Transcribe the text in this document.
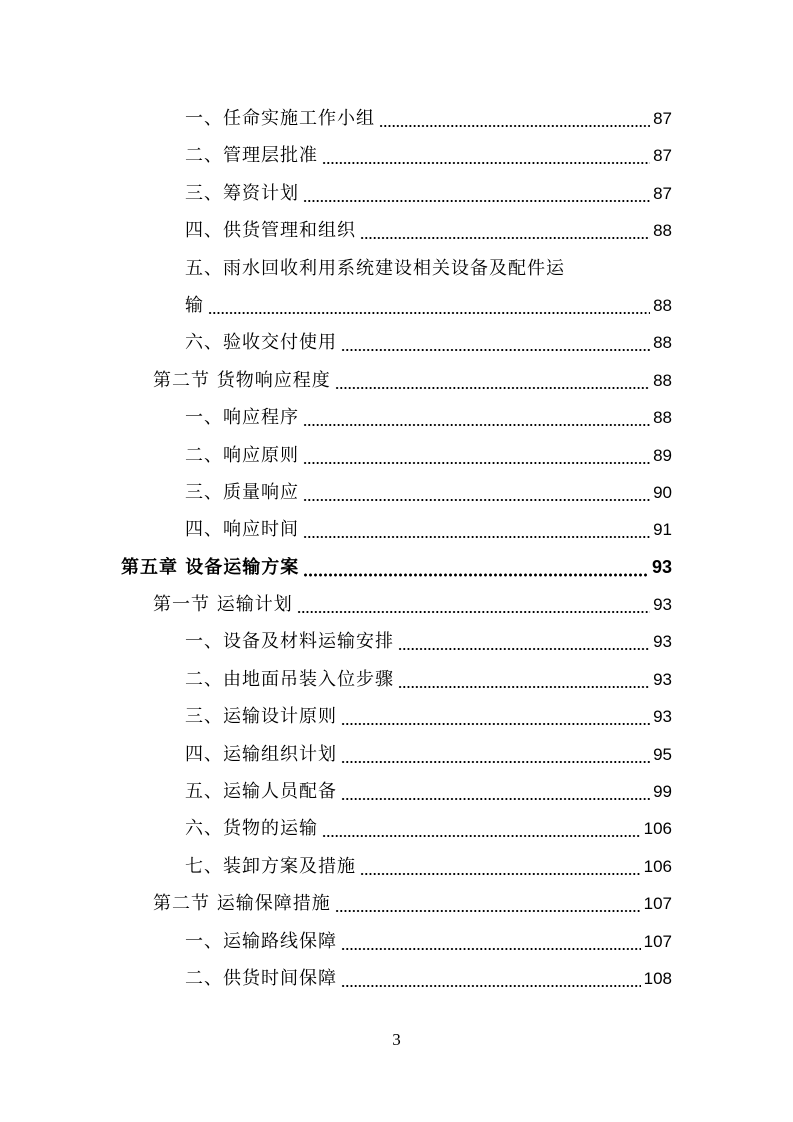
一、任命实施工作小组	87
二、管理层批准	87
三、筹资计划	87
四、供货管理和组织	88
五、雨水回收利用系统建设相关设备及配件运
输	88
六、验收交付使用	88
第二节 货物响应程度	88
一、响应程序	88
二、响应原则	89
三、质量响应	90
四、响应时间	91
第五章 设备运输方案	93
第一节 运输计划	93
一、设备及材料运输安排	93
二、由地面吊装入位步骤	93
三、运输设计原则	93
四、运输组织计划	95
五、运输人员配备	99
六、货物的运输	106
七、装卸方案及措施	106
第二节 运输保障措施	107
一、运输路线保障	107
二、供货时间保障	108
3
